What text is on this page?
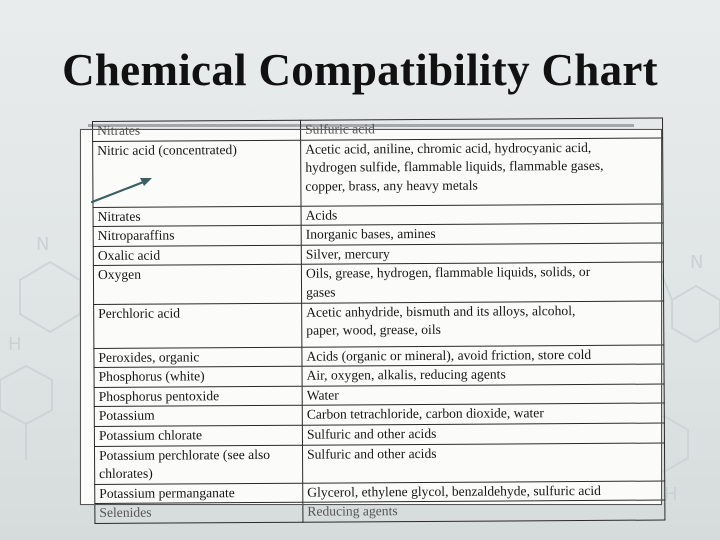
N
H
N
H
Chemical Compatibility Chart
Nitrates	Sulfuric acid
Nitric acid (concentrated)	Acetic acid, aniline, chromic acid, hydrocyanic acid,
hydrogen sulfide, flammable liquids, flammable gases,
copper, brass, any heavy metals
Nitrates	Acids
Nitroparaffins	Inorganic bases, amines
Oxalic acid	Silver, mercury
Oxygen	Oils, grease, hydrogen, flammable liquids, solids, or
gases
Perchloric acid	Acetic anhydride, bismuth and its alloys, alcohol,
paper, wood, grease, oils
Peroxides, organic	Acids (organic or mineral), avoid friction, store cold
Phosphorus (white)	Air, oxygen, alkalis, reducing agents
Phosphorus pentoxide	Water
Potassium	Carbon tetrachloride, carbon dioxide, water
Potassium chlorate	Sulfuric and other acids
Potassium perchlorate (see also
chlorates)	Sulfuric and other acids
Potassium permanganate	Glycerol, ethylene glycol, benzaldehyde, sulfuric acid
Selenides	Reducing agents
